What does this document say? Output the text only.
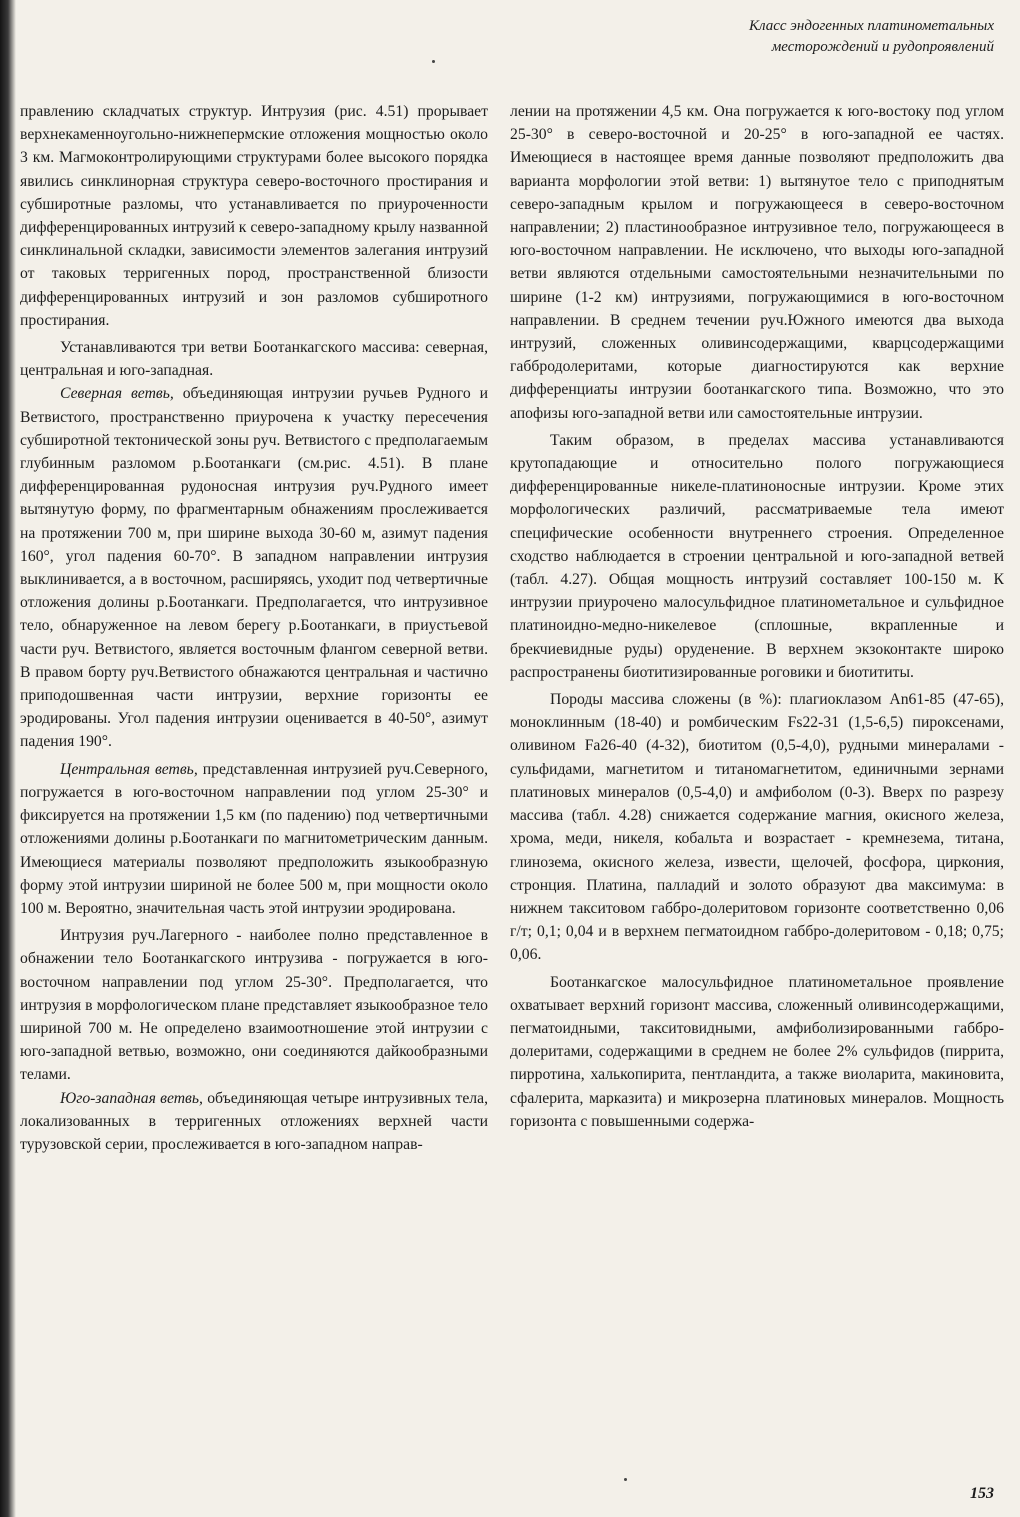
Класс эндогенных платинометальных
месторождений и рудопроявлений

правлению складчатых структур. Интрузия (рис. 4.51) прорывает верхнекаменноугольно-нижнепермские отложения мощностью около 3 км. Магмоконтролирующими структурами более высокого порядка явились синклинорная структура северо-восточного простирания и субширотные разломы, что устанавливается по приуроченности дифференцированных интрузий к северо-западному крылу названной синклинальной складки, зависимости элементов залегания интрузий от таковых терригенных пород, пространственной близости дифференцированных интрузий и зон разломов субширотного простирания.

Устанавливаются три ветви Боотанкагского массива: северная, центральная и юго-западная.

Северная ветвь, объединяющая интрузии ручьев Рудного и Ветвистого, пространственно приурочена к участку пересечения субширотной тектонической зоны руч. Ветвистого с предполагаемым глубинным разломом р.Боотанкаги (см.рис. 4.51). В плане дифференцированная рудоносная интрузия руч.Рудного имеет вытянутую форму, по фрагментарным обнажениям прослеживается на протяжении 700 м, при ширине выхода 30-60 м, азимут падения 160°, угол падения 60-70°. В западном направлении интрузия выклинивается, а в восточном, расширяясь, уходит под четвертичные отложения долины р.Боотанкаги. Предполагается, что интрузивное тело, обнаруженное на левом берегу р.Боотанкаги, в приустьевой части руч. Ветвистого, является восточным флангом северной ветви. В правом борту руч.Ветвистого обнажаются центральная и частично приподошвенная части интрузии, верхние горизонты ее эродированы. Угол падения интрузии оценивается в 40-50°, азимут падения 190°.

Центральная ветвь, представленная интрузией руч.Северного, погружается в юго-восточном направлении под углом 25-30° и фиксируется на протяжении 1,5 км (по падению) под четвертичными отложениями долины р.Боотанкаги по магнитометрическим данным. Имеющиеся материалы позволяют предположить языкообразную форму этой интрузии шириной не более 500 м, при мощности около 100 м. Вероятно, значительная часть этой интрузии эродирована.

Интрузия руч.Лагерного - наиболее полно представленное в обнажении тело Боотанкагского интрузива - погружается в юго-восточном направлении под углом 25-30°. Предполагается, что интрузия в морфологическом плане представляет языкообразное тело шириной 700 м. Не определено взаимоотношение этой интрузии с юго-западной ветвью, возможно, они соединяются дайкообразными телами.

Юго-западная ветвь, объединяющая четыре интрузивных тела, локализованных в терригенных отложениях верхней части турузовской серии, прослеживается в юго-западном направ-

лении на протяжении 4,5 км. Она погружается к юго-востоку под углом 25-30° в северо-восточной и 20-25° в юго-западной ее частях. Имеющиеся в настоящее время данные позволяют предположить два варианта морфологии этой ветви: 1) вытянутое тело с приподнятым северо-западным крылом и погружающееся в северо-восточном направлении; 2) пластинообразное интрузивное тело, погружающееся в юго-восточном направлении. Не исключено, что выходы юго-западной ветви являются отдельными самостоятельными незначительными по ширине (1-2 км) интрузиями, погружающимися в юго-восточном направлении. В среднем течении руч.Южного имеются два выхода интрузий, сложенных оливинсодержащими, кварцсодержащими габбродолеритами, которые диагностируются как верхние дифференциаты интрузии боотанкагского типа. Возможно, что это апофизы юго-западной ветви или самостоятельные интрузии.

Таким образом, в пределах массива устанавливаются крутопадающие и относительно полого погружающиеся дифференцированные никеле-платиноносные интрузии. Кроме этих морфологических различий, рассматриваемые тела имеют специфические особенности внутреннего строения. Определенное сходство наблюдается в строении центральной и юго-западной ветвей (табл. 4.27). Общая мощность интрузий составляет 100-150 м. К интрузии приурочено малосульфидное платинометальное и сульфидное платиноидно-медно-никелевое (сплошные, вкрапленные и брекчиевидные руды) оруденение. В верхнем экзоконтакте широко распространены биотитизированные роговики и биотититы.

Породы массива сложены (в %): плагиоклазом An61-85 (47-65), моноклинным (18-40) и ромбическим Fs22-31 (1,5-6,5) пироксенами, оливином Fa26-40 (4-32), биотитом (0,5-4,0), рудными минералами - сульфидами, магнетитом и титаномагнетитом, единичными зернами платиновых минералов (0,5-4,0) и амфиболом (0-3). Вверх по разрезу массива (табл. 4.28) снижается содержание магния, окисного железа, хрома, меди, никеля, кобальта и возрастает - кремнезема, титана, глинозема, окисного железа, извести, щелочей, фосфора, циркония, стронция. Платина, палладий и золото образуют два максимума: в нижнем такситовом габбро-долеритовом горизонте соответственно 0,06 г/т; 0,1; 0,04 и в верхнем пегматоидном габбро-долеритовом - 0,18; 0,75; 0,06.

Боотанкагское малосульфидное платинометальное проявление охватывает верхний горизонт массива, сложенный оливинсодержащими, пегматоидными, такситовидными, амфиболизированными габбро-долеритами, содержащими в среднем не более 2% сульфидов (пиррита, пирротина, халькопирита, пентландита, а также виоларита, макиновита, сфалерита, марказита) и микрозерна платиновых минералов. Мощность горизонта с повышенными содержа-

153
